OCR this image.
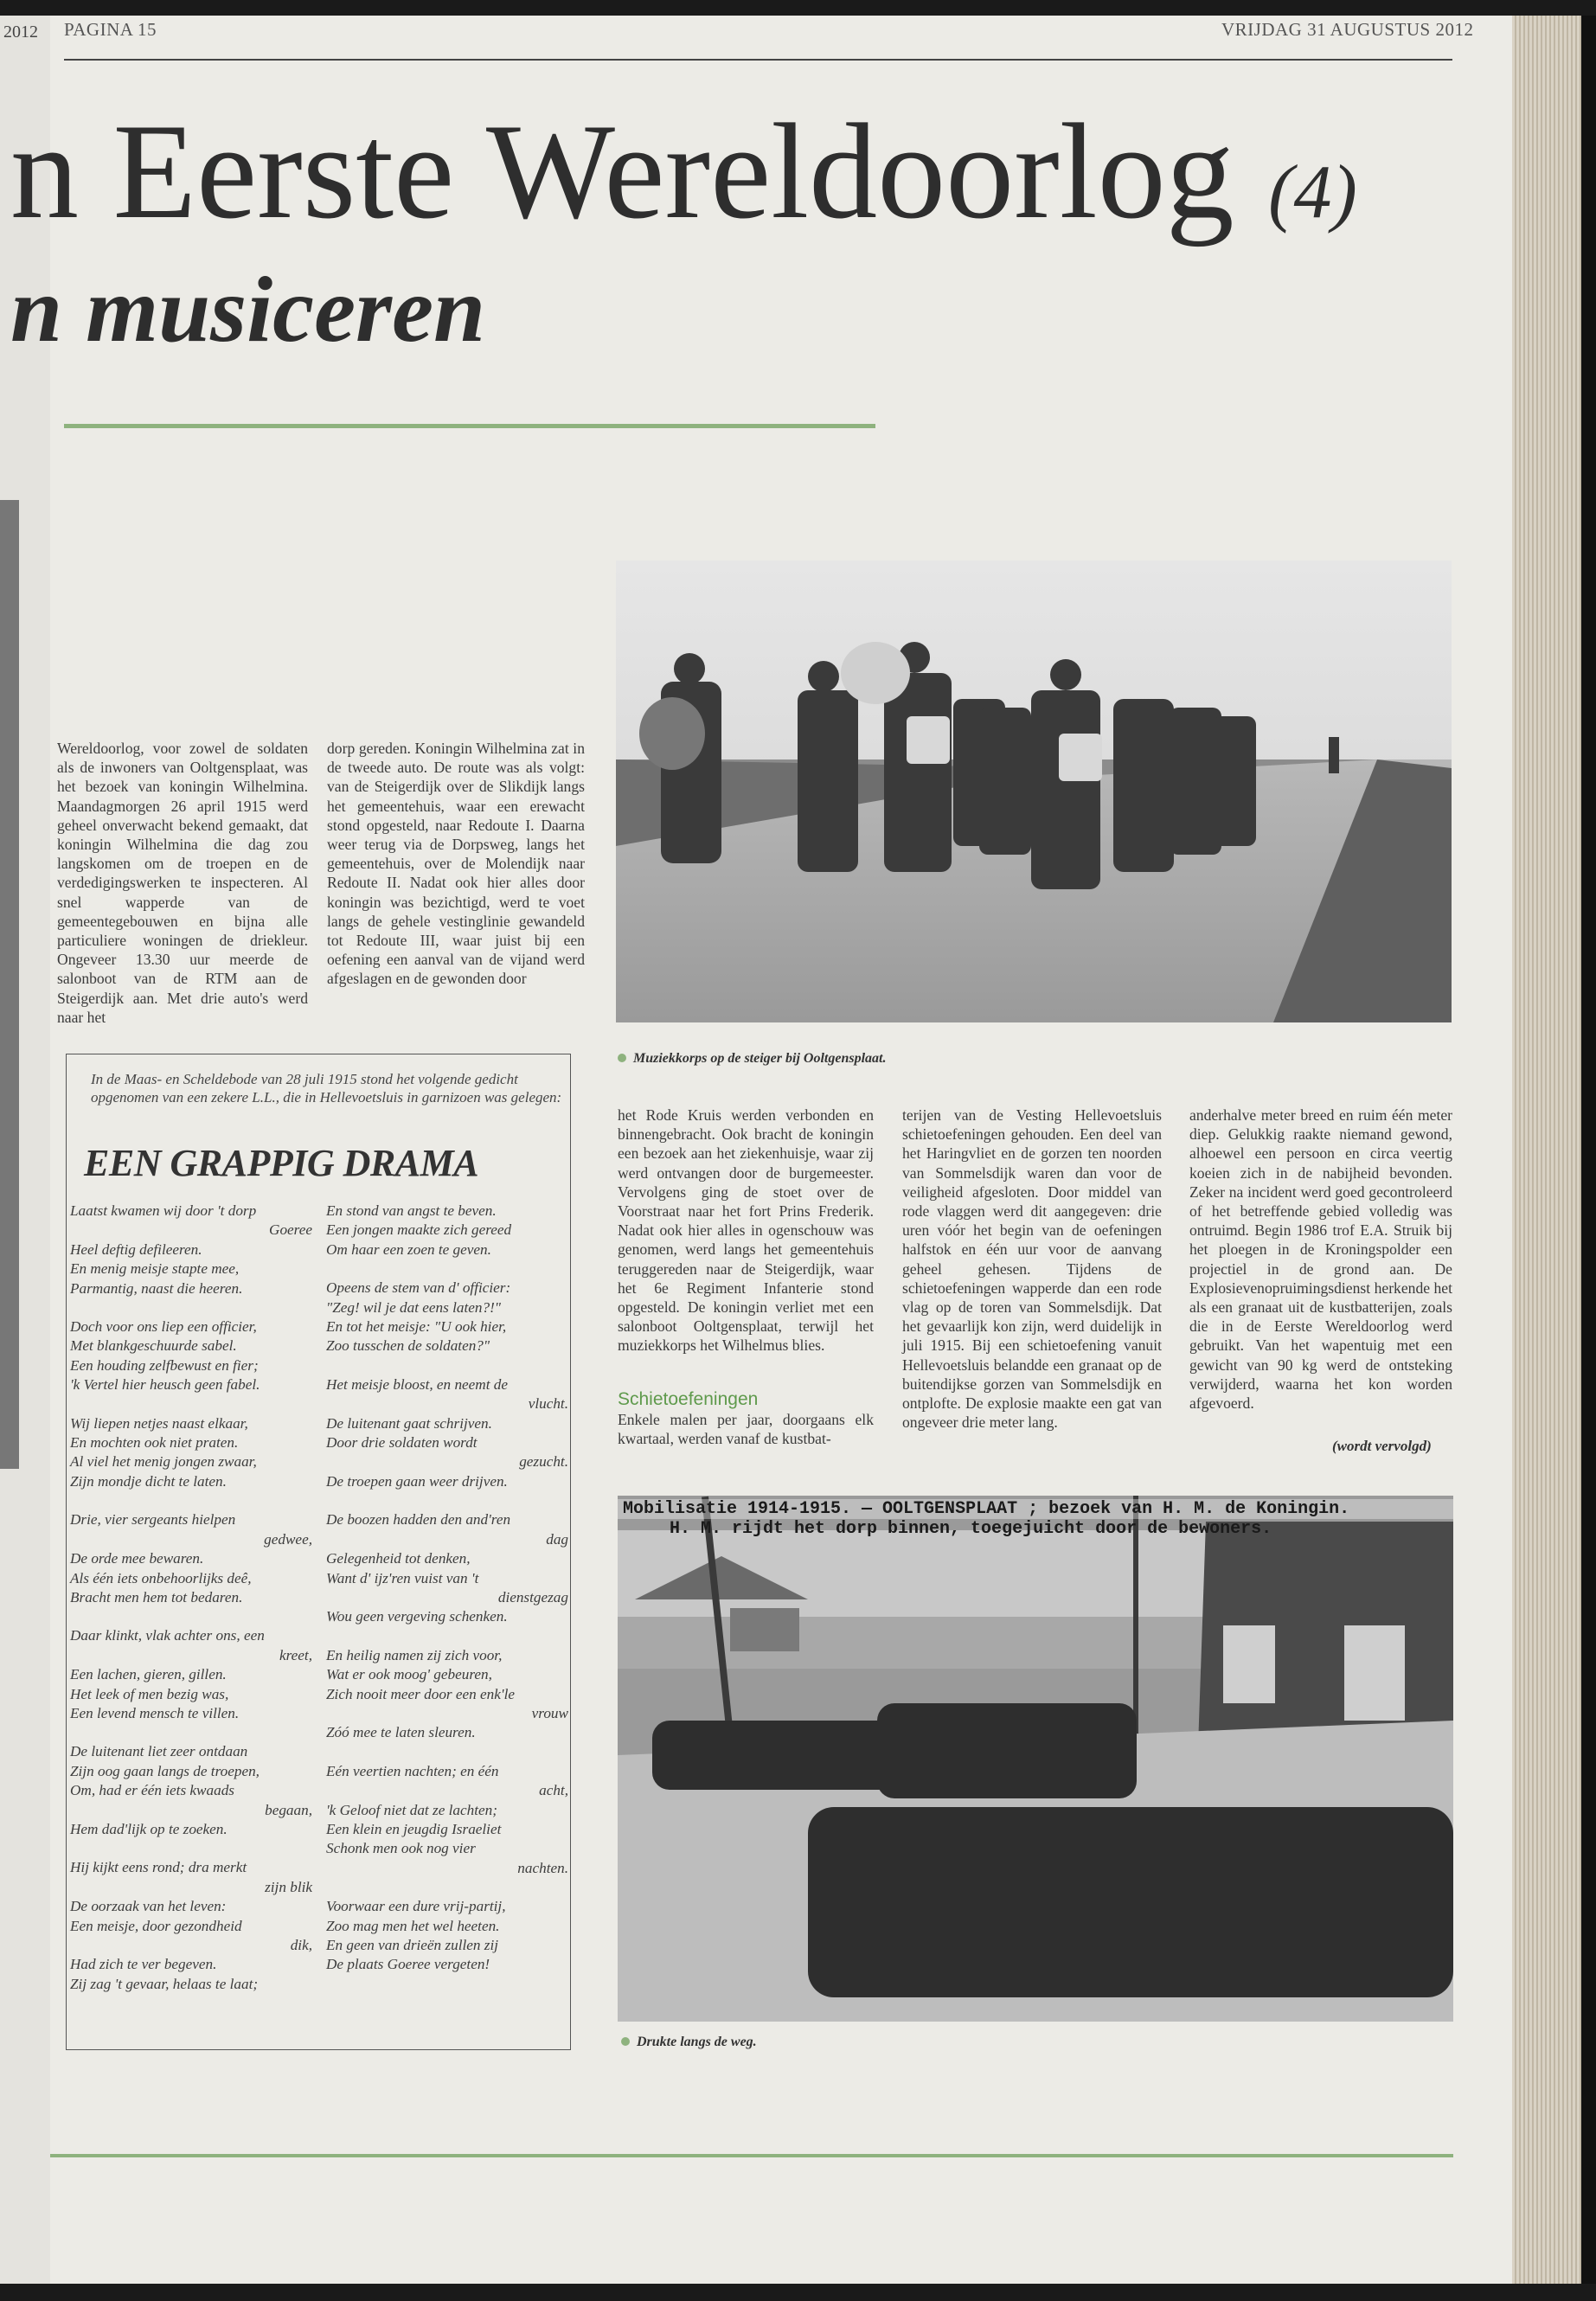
2012 PAGINA 15	VRIJDAG 31 AUGUSTUS 2012
n Eerste Wereldoorlog (4)
n musiceren
Wereldoorlog, voor zowel de soldaten als de inwoners van Ooltgensplaat, was het bezoek van koningin Wilhelmina. Maandagmorgen 26 april 1915 werd geheel onverwacht bekend gemaakt, dat koningin Wilhelmina die dag zou langskomen om de troepen en de verdedigingswerken te inspecteren. Al snel wapperde van de gemeentegebouwen en bijna alle particuliere woningen de driekleur. Ongeveer 13.30 uur meerde de salonboot van de RTM aan de Steigerdijk aan. Met drie auto's werd naar het
dorp gereden. Koningin Wilhelmina zat in de tweede auto. De route was als volgt: van de Steigerdijk over de Slikdijk langs het gemeentehuis, waar een erewacht stond opgesteld, naar Redoute I. Daarna weer terug via de Dorpsweg, langs het gemeentehuis, over de Molendijk naar Redoute II. Nadat ook hier alles door koningin was bezichtigd, werd te voet langs de gehele vestinglinie gewandeld tot Redoute III, waar juist bij een oefening een aanval van de vijand werd afgeslagen en de gewonden door
Muziekkorps op de steiger bij Ooltgensplaat.
In de Maas- en Scheldebode van 28 juli 1915 stond het volgende gedicht opgenomen van een zekere L.L., die in Hellevoetsluis in garnizoen was gelegen:
EEN GRAPPIG DRAMA
Laatst kwamen wij door 't dorp
Goeree
Heel deftig defileeren.
En menig meisje stapte mee,
Parmantig, naast die heeren.
Doch voor ons liep een officier,
Met blankgeschuurde sabel.
Een houding zelfbewust en fier;
'k Vertel hier heusch geen fabel.
Wij liepen netjes naast elkaar,
En mochten ook niet praten.
Al viel het menig jongen zwaar,
Zijn mondje dicht te laten.
Drie, vier sergeants hielpen
gedwee,
De orde mee bewaren.
Als één iets onbehoorlijks deê,
Bracht men hem tot bedaren.
Daar klinkt, vlak achter ons, een
kreet,
Een lachen, gieren, gillen.
Het leek of men bezig was,
Een levend mensch te villen.
De luitenant liet zeer ontdaan
Zijn oog gaan langs de troepen,
Om, had er één iets kwaads
begaan,
Hem dad'lijk op te zoeken.
Hij kijkt eens rond; dra merkt
zijn blik
De oorzaak van het leven:
Een meisje, door gezondheid
dik,
Had zich te ver begeven.
Zij zag 't gevaar, helaas te laat;
En stond van angst te beven.
Een jongen maakte zich gereed
Om haar een zoen te geven.
Opeens de stem van d' officier:
"Zeg! wil je dat eens laten?!"
En tot het meisje: "U ook hier,
Zoo tusschen de soldaten?"
Het meisje bloost, en neemt de
vlucht.
De luitenant gaat schrijven.
Door drie soldaten wordt
gezucht.
De troepen gaan weer drijven.
De boozen hadden den and'ren
dag
Gelegenheid tot denken,
Want d' ijz'ren vuist van 't
dienstgezag
Wou geen vergeving schenken.
En heilig namen zij zich voor,
Wat er ook moog' gebeuren,
Zich nooit meer door een enk'le
vrouw
Zóó mee te laten sleuren.
Eén veertien nachten; en één
acht,
'k Geloof niet dat ze lachten;
Een klein en jeugdig Israeliet
Schonk men ook nog vier
nachten.
Voorwaar een dure vrij-partij,
Zoo mag men het wel heeten.
En geen van drieën zullen zij
De plaats Goeree vergeten!
het Rode Kruis werden verbonden en binnengebracht. Ook bracht de koningin een bezoek aan het ziekenhuisje, waar zij werd ontvangen door de burgemeester. Vervolgens ging de stoet over de Voorstraat naar het fort Prins Frederik. Nadat ook hier alles in ogenschouw was genomen, werd langs het gemeentehuis teruggereden naar de Steigerdijk, waar het 6e Regiment Infanterie stond opgesteld. De koningin verliet met een salonboot Ooltgensplaat, terwijl het muziekkorps het Wilhelmus blies.
Schietoefeningen
Enkele malen per jaar, doorgaans elk kwartaal, werden vanaf de kustbat-
terijen van de Vesting Hellevoetsluis schietoefeningen gehouden. Een deel van het Haringvliet en de gorzen ten noorden van Sommelsdijk waren dan voor de veiligheid afgesloten. Door middel van rode vlaggen werd dit aangegeven: drie uren vóór het begin van de oefeningen halfstok en één uur voor de aanvang geheel gehesen. Tijdens de schietoefeningen wapperde dan een rode vlag op de toren van Sommelsdijk. Dat het gevaarlijk kon zijn, werd duidelijk in juli 1915. Bij een schietoefening vanuit Hellevoetsluis belandde een granaat op de buitendijkse gorzen van Sommelsdijk en ontplofte. De explosie maakte een gat van ongeveer drie meter lang.
anderhalve meter breed en ruim één meter diep. Gelukkig raakte niemand gewond, alhoewel een persoon en circa veertig koeien zich in de nabijheid bevonden. Zeker na incident werd goed gecontroleerd of het betreffende gebied volledig was ontruimd. Begin 1986 trof E.A. Struik bij het ploegen in de Kroningspolder een projectiel in de grond aan. De Explosievenopruimingsdienst herkende het als een granaat uit de kustbatterijen, zoals die in de Eerste Wereldoorlog werd gebruikt. Van het wapentuig met een gewicht van 90 kg werd de ontsteking verwijderd, waarna het kon worden afgevoerd.
(wordt vervolgd)
Mobilisatie 1914-1915. — OOLTGENSPLAAT ; bezoek van H. M. de Koningin.
H. M. rijdt het dorp binnen, toegejuicht door de bewoners.
Drukte langs de weg.
